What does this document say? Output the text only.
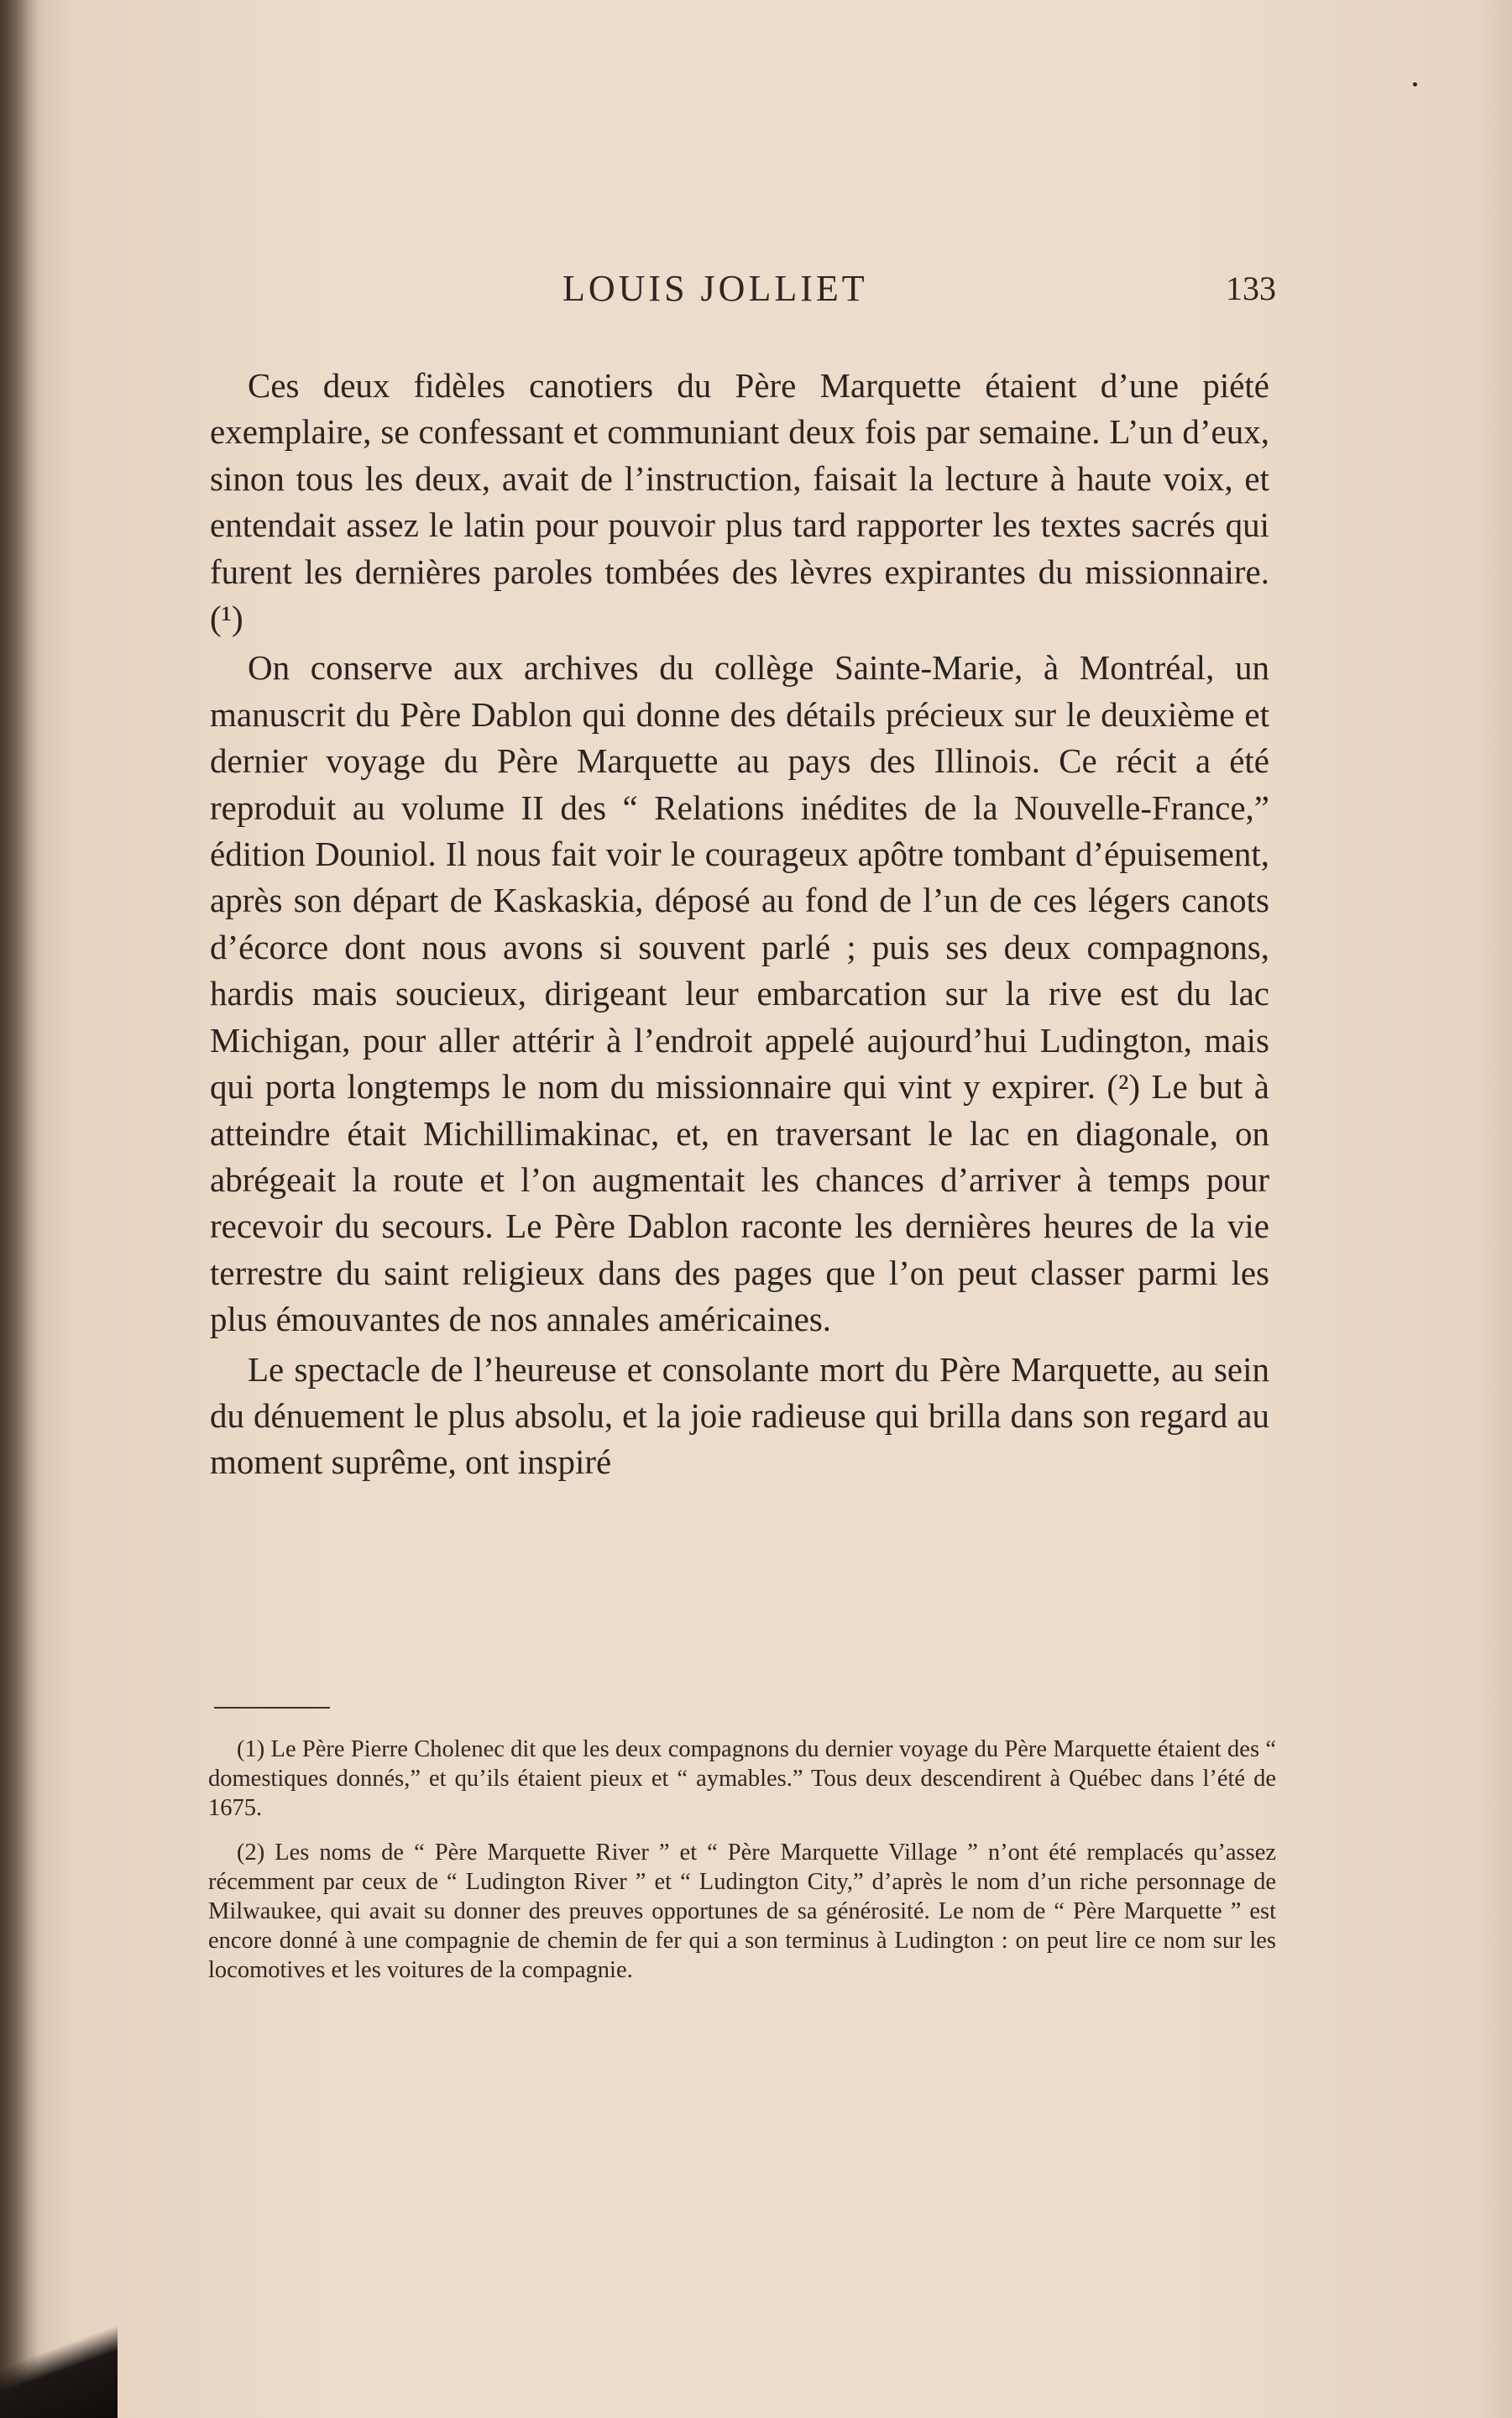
LOUIS JOLLIET	133

Ces deux fidèles canotiers du Père Marquette étaient d’une piété exemplaire, se confessant et communiant deux fois par semaine. L’un d’eux, sinon tous les deux, avait de l’instruction, faisait la lecture à haute voix, et entendait assez le latin pour pouvoir plus tard rapporter les textes sacrés qui furent les dernières paroles tombées des lèvres expirantes du missionnaire. (¹)

On conserve aux archives du collège Sainte-Marie, à Montréal, un manuscrit du Père Dablon qui donne des détails précieux sur le deuxième et dernier voyage du Père Marquette au pays des Illinois. Ce récit a été reproduit au volume II des “ Relations inédites de la Nouvelle-France,” édition Douniol. Il nous fait voir le courageux apôtre tombant d’épuisement, après son départ de Kaskaskia, déposé au fond de l’un de ces légers canots d’écorce dont nous avons si souvent parlé ; puis ses deux compagnons, hardis mais soucieux, dirigeant leur embarcation sur la rive est du lac Michigan, pour aller attérir à l’endroit appelé aujourd’hui Ludington, mais qui porta longtemps le nom du missionnaire qui vint y expirer. (²) Le but à atteindre était Michillimakinac, et, en traversant le lac en diagonale, on abrégeait la route et l’on augmentait les chances d’arriver à temps pour recevoir du secours. Le Père Dablon raconte les dernières heures de la vie terrestre du saint religieux dans des pages que l’on peut classer parmi les plus émouvantes de nos annales américaines.

Le spectacle de l’heureuse et consolante mort du Père Marquette, au sein du dénuement le plus absolu, et la joie radieuse qui brilla dans son regard au moment suprême, ont inspiré

(1) Le Père Pierre Cholenec dit que les deux compagnons du dernier voyage du Père Marquette étaient des “ domestiques donnés,” et qu’ils étaient pieux et “ aymables.” Tous deux descendirent à Québec dans l’été de 1675.

(2) Les noms de “ Père Marquette River ” et “ Père Marquette Village ” n’ont été remplacés qu’assez récemment par ceux de “ Ludington River ” et “ Ludington City,” d’après le nom d’un riche personnage de Milwaukee, qui avait su donner des preuves opportunes de sa générosité. Le nom de “ Père Marquette ” est encore donné à une compagnie de chemin de fer qui a son terminus à Ludington : on peut lire ce nom sur les locomotives et les voitures de la compagnie.
